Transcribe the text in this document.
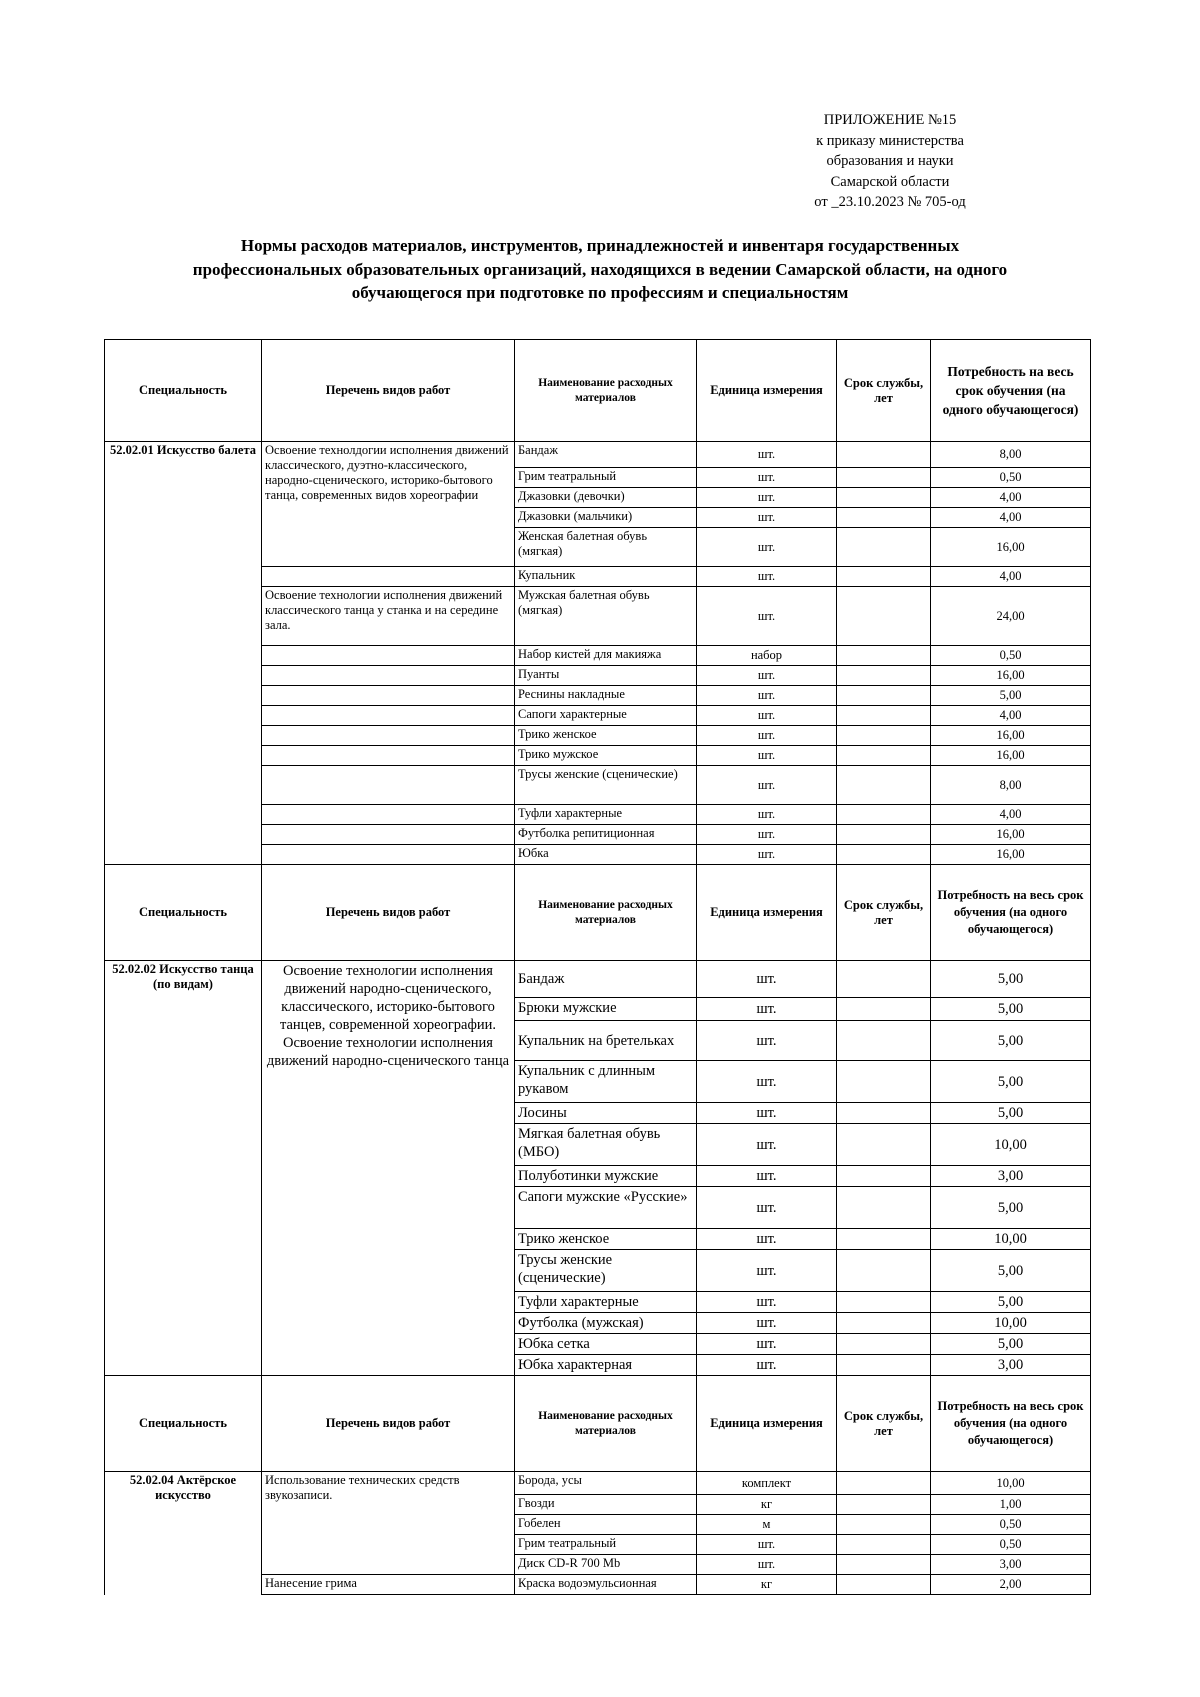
ПРИЛОЖЕНИЕ №15
к приказу министерства
образования и науки
Самарской области
от _23.10.2023 № 705-од
Нормы расходов материалов, инструментов, принадлежностей и инвентаря государственных
профессиональных образовательных организаций, находящихся в ведении Самарской области, на одного
обучающегося при подготовке по профессиям и специальностям
Специальность	Перечень видов работ	Наименование расходных материалов	Единица измерения	Срок службы, лет	Потребность на весь срок обучения (на одного обучающегося)
52.02.01 Искусство балета	Освоение технолдогии исполнения движений классического, дуэтно-классического, народно-сценического, историко-бытового танца, современных видов хореографии	Бандаж	шт.		8,00
		Грим театральный	шт.		0,50
		Джазовки (девочки)	шт.		4,00
		Джазовки (мальчики)	шт.		4,00
		Женская балетная обувь (мягкая)	шт.		16,00
		Купальник	шт.		4,00
	Освоение технологии исполнения движений классического танца у станка и на середине зала.	Мужская балетная обувь (мягкая)	шт.		24,00
		Набор кистей для макияжа	набор		0,50
		Пуанты	шт.		16,00
		Реснины накладные	шт.		5,00
		Сапоги характерные	шт.		4,00
		Трико женское	шт.		16,00
		Трико мужское	шт.		16,00
		Трусы женские (сценические)	шт.		8,00
		Туфли характерные	шт.		4,00
		Футболка репитиционная	шт.		16,00
		Юбка	шт.		16,00
Специальность	Перечень видов работ	Наименование расходных материалов	Единица измерения	Срок службы, лет	Потребность на весь срок обучения (на одного обучающегося)
52.02.02 Искусство танца (по видам)	Освоение технологии исполнения движений народно-сценического, классического, историко-бытового танцев, современной хореографии. Освоение технологии исполнения движений народно-сценического танца	Бандаж	шт.		5,00
		Брюки мужские	шт.		5,00
		Купальник на бретельках	шт.		5,00
		Купальник с длинным рукавом	шт.		5,00
		Лосины	шт.		5,00
		Мягкая балетная обувь (МБО)	шт.		10,00
		Полуботинки мужские	шт.		3,00
		Сапоги мужские «Русские»	шт.		5,00
		Трико женское	шт.		10,00
		Трусы женские (сценические)	шт.		5,00
		Туфли характерные	шт.		5,00
		Футболка (мужская)	шт.		10,00
		Юбка сетка	шт.		5,00
		Юбка характерная	шт.		3,00
Специальность	Перечень видов работ	Наименование расходных материалов	Единица измерения	Срок службы, лет	Потребность на весь срок обучения (на одного обучающегося)
52.02.04 Актёрское искусство	Использование технических средств звукозаписи.	Борода, усы	комплект		10,00
		Гвозди	кг		1,00
		Гобелен	м		0,50
		Грим театральный	шт.		0,50
		Диск CD-R 700 Mb	шт.		3,00
	Нанесение грима	Краска водоэмульсионная	кг		2,00
